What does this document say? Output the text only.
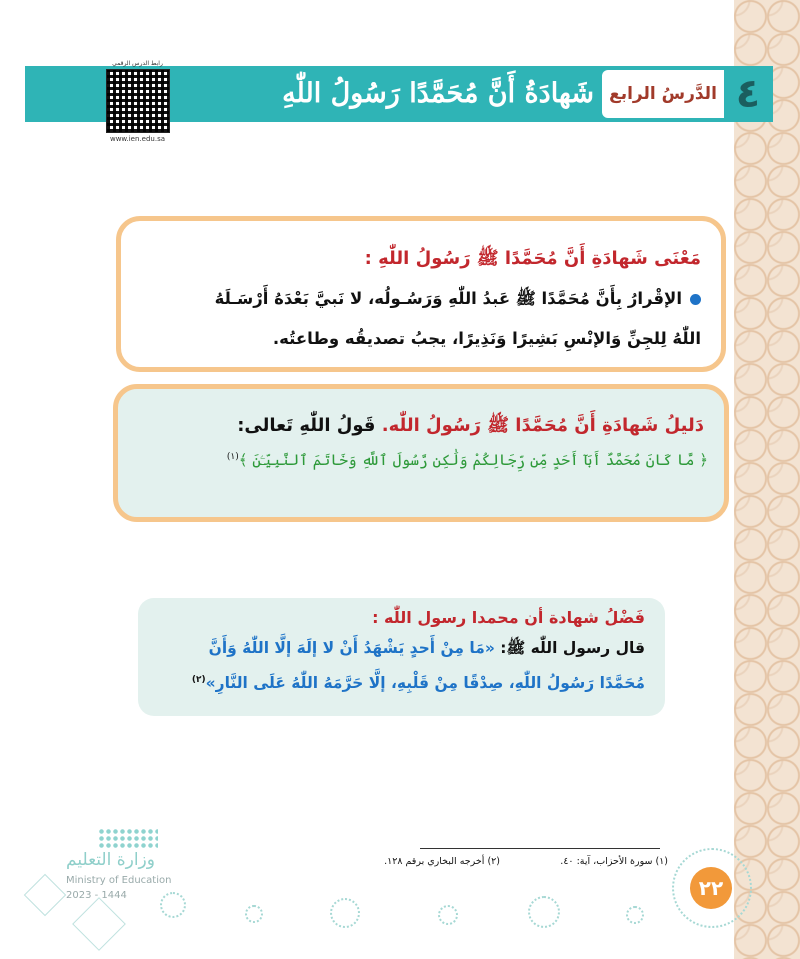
٤
الدَّرسُ الرابع
شَهادَةُ أَنَّ مُحَمَّدًا رَسُولُ اللّٰهِ
رابط الدرس الرقمي
www.ien.edu.sa
مَعْنَى شَهادَةِ أَنَّ مُحَمَّدًا ﷺ رَسُولُ اللّٰهِ :
الإقْرارُ بِأَنَّ مُحَمَّدًا ﷺ عَبدُ اللّٰهِ وَرَسُـولُه، لا نَبيَّ بَعْدَهُ أَرْسَـلَهُ
اللّٰهُ لِلجِنِّ وَالإنْسِ بَشِيرًا وَنَذِيرًا، يجبُ تصديقُه وطاعتُه.
دَليلُ شَهادَةِ أَنَّ مُحَمَّدًا ﷺ رَسُولُ اللّٰه. قَولُ اللّٰهِ تَعالى:
﴿ مَّا كَانَ مُحَمَّدٌ أَبَآ أَحَدٍ مِّن رِّجَالِكُمْ وَلَٰكِن رَّسُولَ ٱللَّهِ وَخَاتَمَ ٱلنَّبِيِّـۧنَ ﴾$^{(١)}$
فَضْلُ شهادة أن محمدا رسول اللّٰه :
قال رسول اللّٰه ﷺ: «مَا مِنْ أَحدٍ يَشْهَدُ أَنْ لا إلَهَ إلَّا اللّٰهُ وَأَنَّ
مُحَمَّدًا رَسُولُ اللّٰهِ، صِدْقًا مِنْ قَلْبِهِ، إلَّا حَرَّمَهُ اللّٰهُ عَلَى النَّارِ»$^{(٢)}$
(١) سورة الأحزاب، آية: ٤٠.
(٢) أخرجه البخاري برقم ١٢٨.
٢٢
وزارة التعليم
Ministry of Education
2023 - 1444
